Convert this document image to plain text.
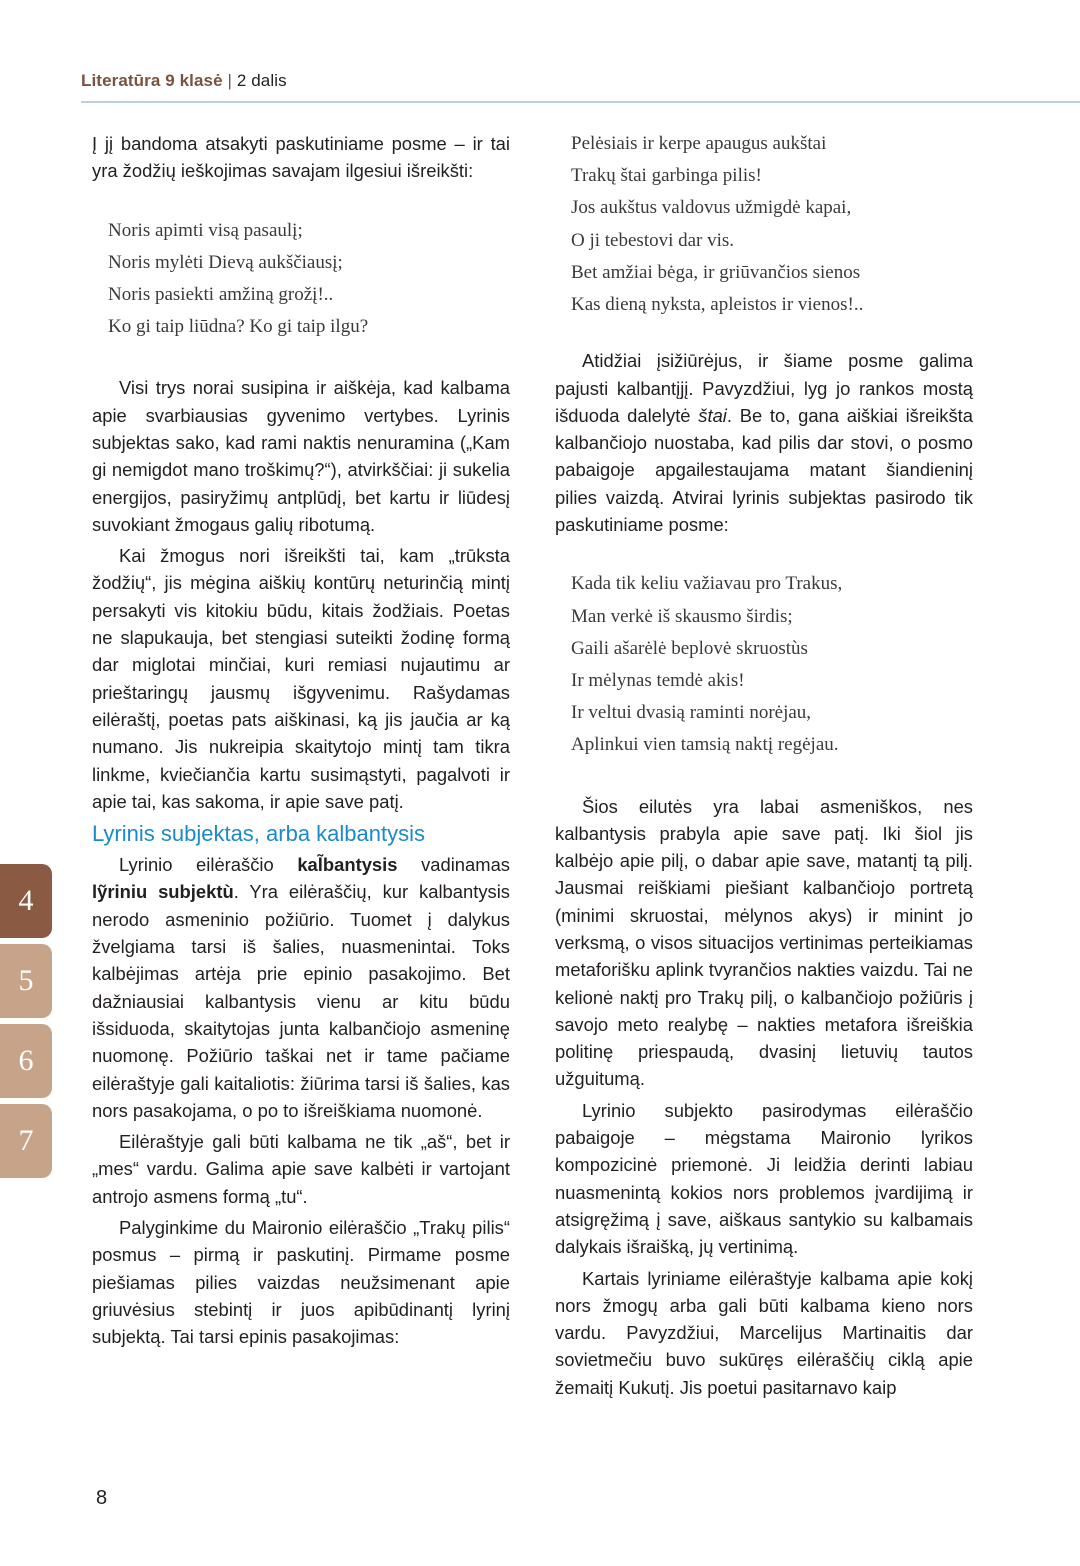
Literatūra 9 klasė | 2 dalis

Į jį bandoma atsakyti paskutiniame posme – ir tai yra žodžių ieškojimas savajam ilgesiui išreikšti:

Noris apimti visą pasaulį;
Noris mylėti Dievą aukščiausį;
Noris pasiekti amžiną grožį!..
Ko gi taip liūdna? Ko gi taip ilgu?

Visi trys norai susipina ir aiškėja, kad kalbama apie svarbiausias gyvenimo vertybes. Lyrinis subjektas sako, kad rami naktis nenuramina („Kam gi nemigdot mano troškimų?“), atvirkščiai: ji sukelia energijos, pasiryžimų antplūdį, bet kartu ir liūdesį suvokiant žmogaus galių ribotumą.

Kai žmogus nori išreikšti tai, kam „trūksta žodžių“, jis mėgina aiškių kontūrų neturinčią mintį persakyti vis kitokiu būdu, kitais žodžiais. Poetas ne slapukauja, bet stengiasi suteikti žodinę formą dar miglotai minčiai, kuri remiasi nujautimu ar prieštaringų jausmų išgyvenimu. Rašydamas eilėraštį, poetas pats aiškinasi, ką jis jaučia ar ką numano. Jis nukreipia skaitytojo mintį tam tikra linkme, kviečiančia kartu susimąstyti, pagalvoti ir apie tai, kas sakoma, ir apie save patį.

Lyrinis subjektas, arba kalbantysis

Lyrinio eilėraščio kal̃bantysis vadinamas lỹriniu subjektù. Yra eilėraščių, kur kalbantysis nerodo asmeninio požiūrio. Tuomet į dalykus žvelgiama tarsi iš šalies, nuasmenintai. Toks kalbėjimas artėja prie epinio pasakojimo. Bet dažniausiai kalbantysis vienu ar kitu būdu išsiduoda, skaitytojas junta kalbančiojo asmeninę nuomonę. Požiūrio taškai net ir tame pačiame eilėraštyje gali kaitaliotis: žiūrima tarsi iš šalies, kas nors pasakojama, o po to išreiškiama nuomonė.

Eilėraštyje gali būti kalbama ne tik „aš“, bet ir „mes“ vardu. Galima apie save kalbėti ir vartojant antrojo asmens formą „tu“.

Palyginkime du Maironio eilėraščio „Trakų pilis“ posmus – pirmą ir paskutinį. Pirmame posme piešiamas pilies vaizdas neužsimenant apie griuvėsius stebintį ir juos apibūdinantį lyrinį subjektą. Tai tarsi epinis pasakojimas:

Pelėsiais ir kerpe apaugus aukštai
Trakų štai garbinga pilis!
Jos aukštus valdovus užmigdė kapai,
O ji tebestovi dar vis.
Bet amžiai bėga, ir griūvančios sienos
Kas dieną nyksta, apleistos ir vienos!..

Atidžiai įsižiūrėjus, ir šiame posme galima pajusti kalbantįjį. Pavyzdžiui, lyg jo rankos mostą išduoda dalelytė štai. Be to, gana aiškiai išreikšta kalbančiojo nuostaba, kad pilis dar stovi, o posmo pabaigoje apgailestaujama matant šiandieninį pilies vaizdą. Atvirai lyrinis subjektas pasirodo tik paskutiniame posme:

Kada tik keliu važiavau pro Trakus,
Man verkė iš skausmo širdis;
Gaili ašarėlė beplovė skruostùs
Ir mėlynas temdė akis!
Ir veltui dvasią raminti norėjau,
Aplinkui vien tamsią naktį regėjau.

Šios eilutės yra labai asmeniškos, nes kalbantysis prabyla apie save patį. Iki šiol jis kalbėjo apie pilį, o dabar apie save, matantį tą pilį. Jausmai reiškiami piešiant kalbančiojo portretą (minimi skruostai, mėlynos akys) ir minint jo verksmą, o visos situacijos vertinimas perteikiamas metaforišku aplink tvyrančios nakties vaizdu. Tai ne kelionė naktį pro Trakų pilį, o kalbančiojo požiūris į savojo meto realybę – nakties metafora išreiškia politinę priespaudą, dvasinį lietuvių tautos užguitumą.

Lyrinio subjekto pasirodymas eilėraščio pabaigoje – mėgstama Maironio lyrikos kompozicinė priemonė. Ji leidžia derinti labiau nuasmenintą kokios nors problemos įvardijimą ir atsigręžimą į save, aiškaus santykio su kalbamais dalykais išraišką, jų vertinimą.

Kartais lyriniame eilėraštyje kalbama apie kokį nors žmogų arba gali būti kalbama kieno nors vardu. Pavyzdžiui, Marcelijus Martinaitis dar sovietmečiu buvo sukūręs eilėraščių ciklą apie žemaitį Kukutį. Jis poetui pasitarnavo kaip

4
5
6
7
8
